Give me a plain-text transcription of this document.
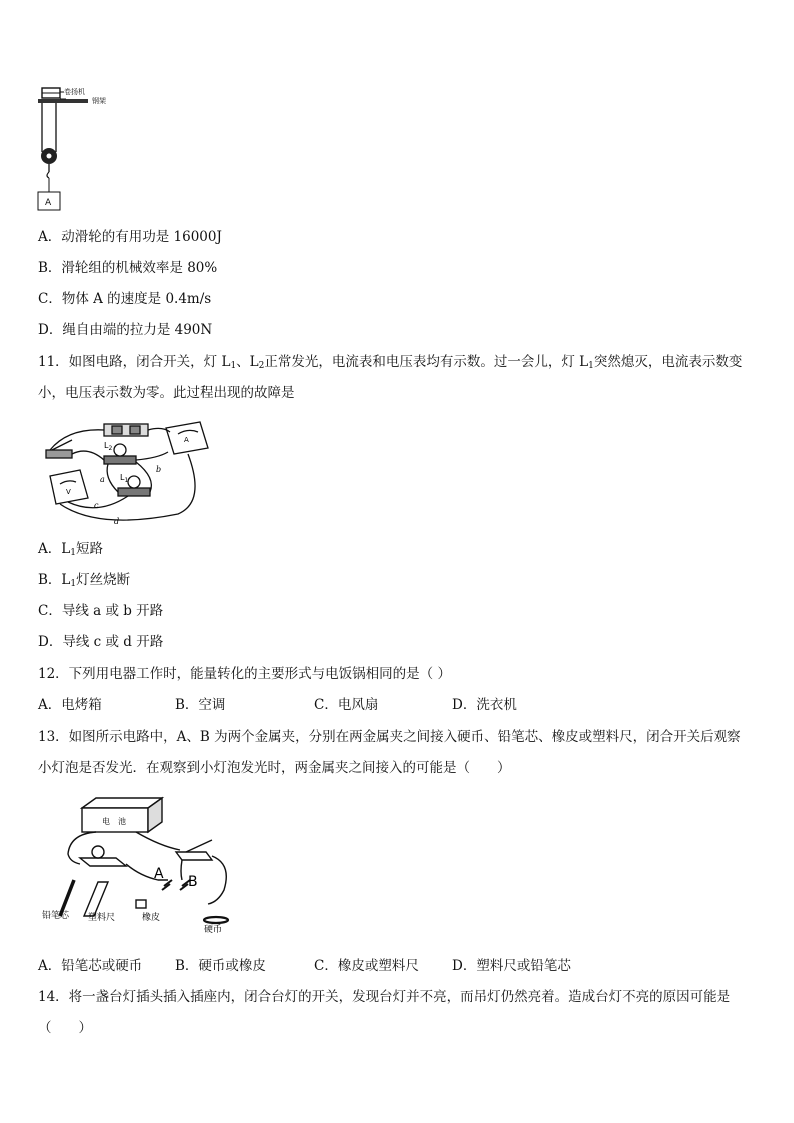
A
卷扬机
钢架
A．动滑轮的有用功是 16000J
B．滑轮组的机械效率是 80%
C．物体 A 的速度是 0.4m/s
D．绳自由端的拉力是 490N
11．如图电路，闭合开关，灯 $L_1$、$L_2$正常发光，电流表和电压表均有示数。过一会儿，灯 $L_1$突然熄灭，电流表示数变
小，电压表示数为零。此过程出现的故障是
$L_2$
$L_1$
A
V
a
b
c
d
A．$L_1$短路
B．$L_1$灯丝烧断
C．导线 a 或 b 开路
D．导线 c 或 d 开路
12．下列用电器工作时，能量转化的主要形式与电饭锅相同的是（ ）
A．电烤箱	B．空调	C．电风扇	D．洗衣机
13．如图所示电路中，A、B 为两个金属夹，分别在两金属夹之间接入硬币、铅笔芯、橡皮或塑料尺，闭合开关后观察
小灯泡是否发光．在观察到小灯泡发光时，两金属夹之间接入的可能是（　　）
电　池
A B
铅笔芯 塑料尺	橡皮
硬币
A．铅笔芯或硬币 B．硬币或橡皮	C．橡皮或塑料尺 D．塑料尺或铅笔芯
14．将一盏台灯插头插入插座内，闭合台灯的开关，发现台灯并不亮，而吊灯仍然亮着。造成台灯不亮的原因可能是
（　　）
